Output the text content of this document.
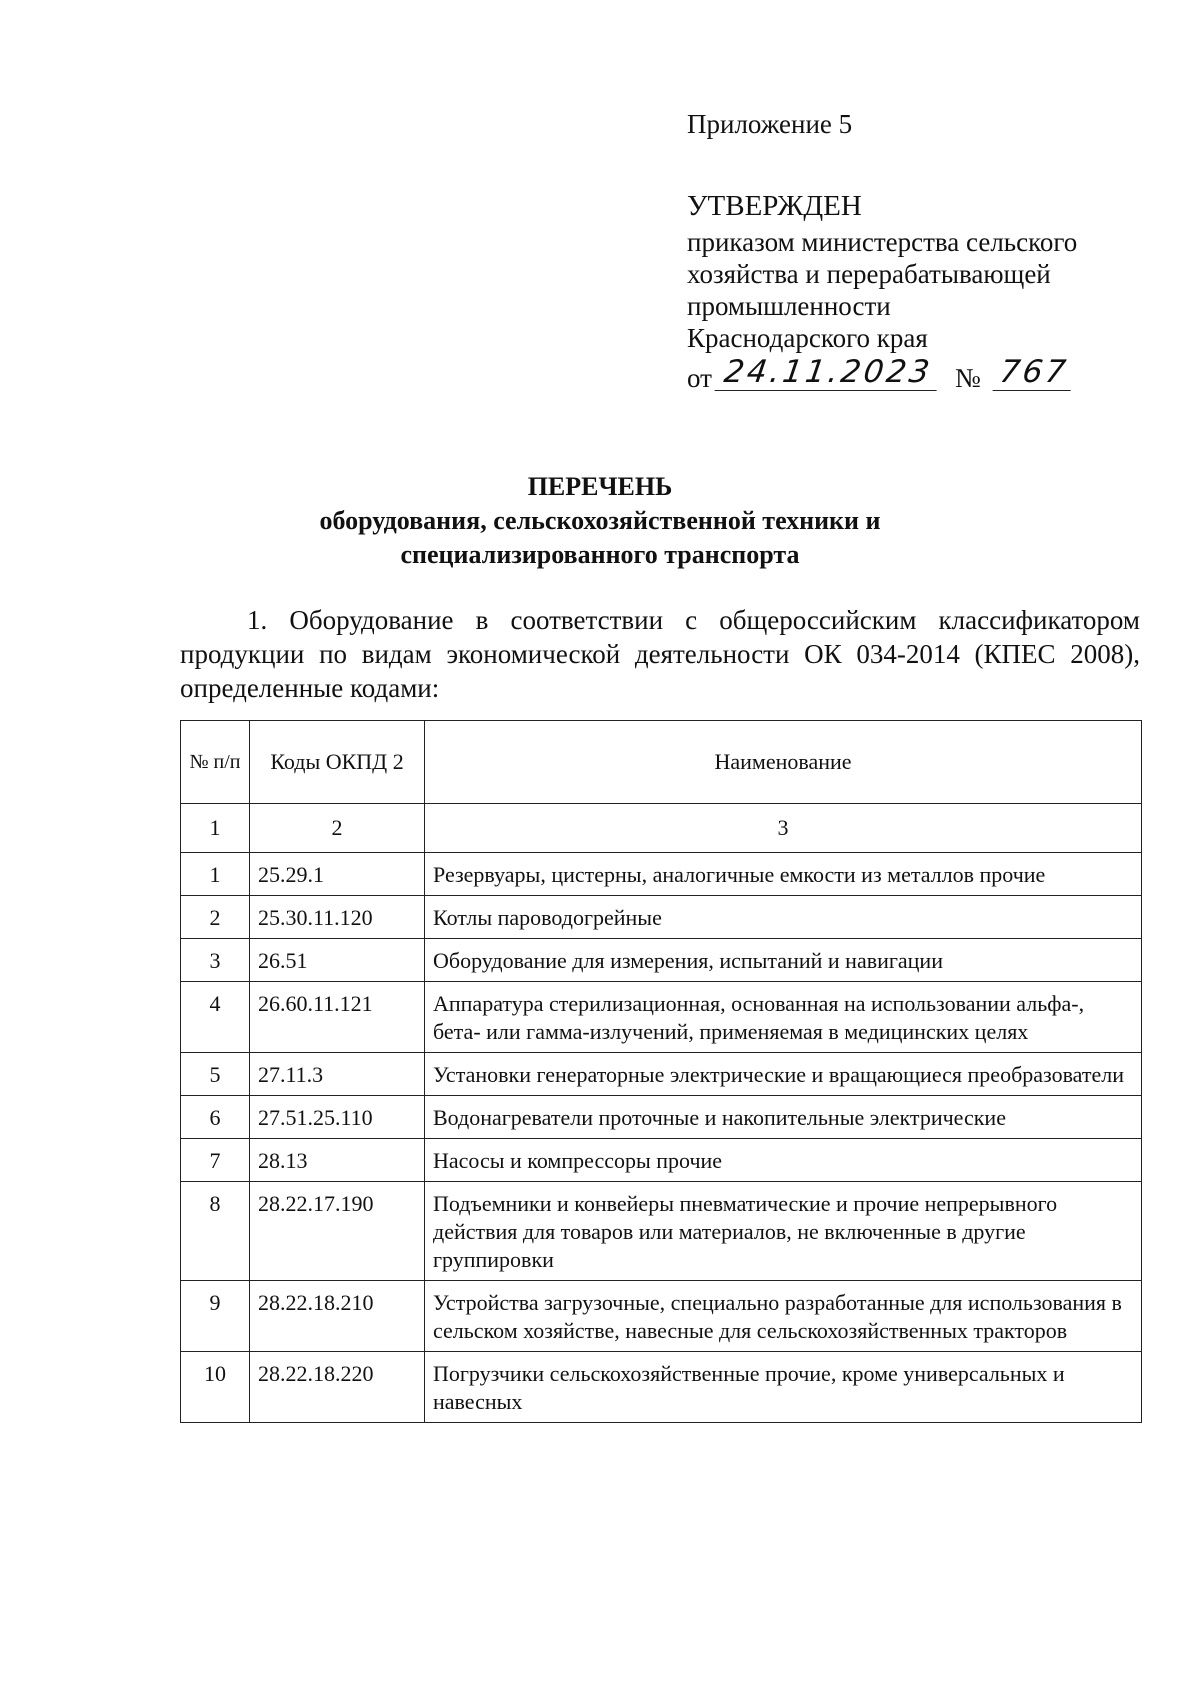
Приложение 5
УТВЕРЖДЕН
приказом министерства сельского
хозяйства и перерабатывающей
промышленности
Краснодарского края
от 24.11.2023 № 767
ПЕРЕЧЕНЬ
оборудования, сельскохозяйственной техники и
специализированного транспорта
1. Оборудование в соответствии с общероссийским классификатором продукции по видам экономической деятельности ОК 034-2014 (КПЕС 2008), определенные кодами:
№ п/п	Коды ОКПД 2	Наименование
1	2	3
1	25.29.1	Резервуары, цистерны, аналогичные емкости из металлов прочие
2	25.30.11.120	Котлы пароводогрейные
3	26.51	Оборудование для измерения, испытаний и навигации
4	26.60.11.121	Аппаратура стерилизационная, основанная на использовании альфа-, бета- или гамма-излучений, применяемая в медицинских целях
5	27.11.3	Установки генераторные электрические и вращающиеся преобразователи
6	27.51.25.110	Водонагреватели проточные и накопительные электрические
7	28.13	Насосы и компрессоры прочие
8	28.22.17.190	Подъемники и конвейеры пневматические и прочие непрерывного действия для товаров или материалов, не включенные в другие группировки
9	28.22.18.210	Устройства загрузочные, специально разработанные для использования в сельском хозяйстве, навесные для сельскохозяйственных тракторов
10	28.22.18.220	Погрузчики сельскохозяйственные прочие, кроме универсальных и навесных
